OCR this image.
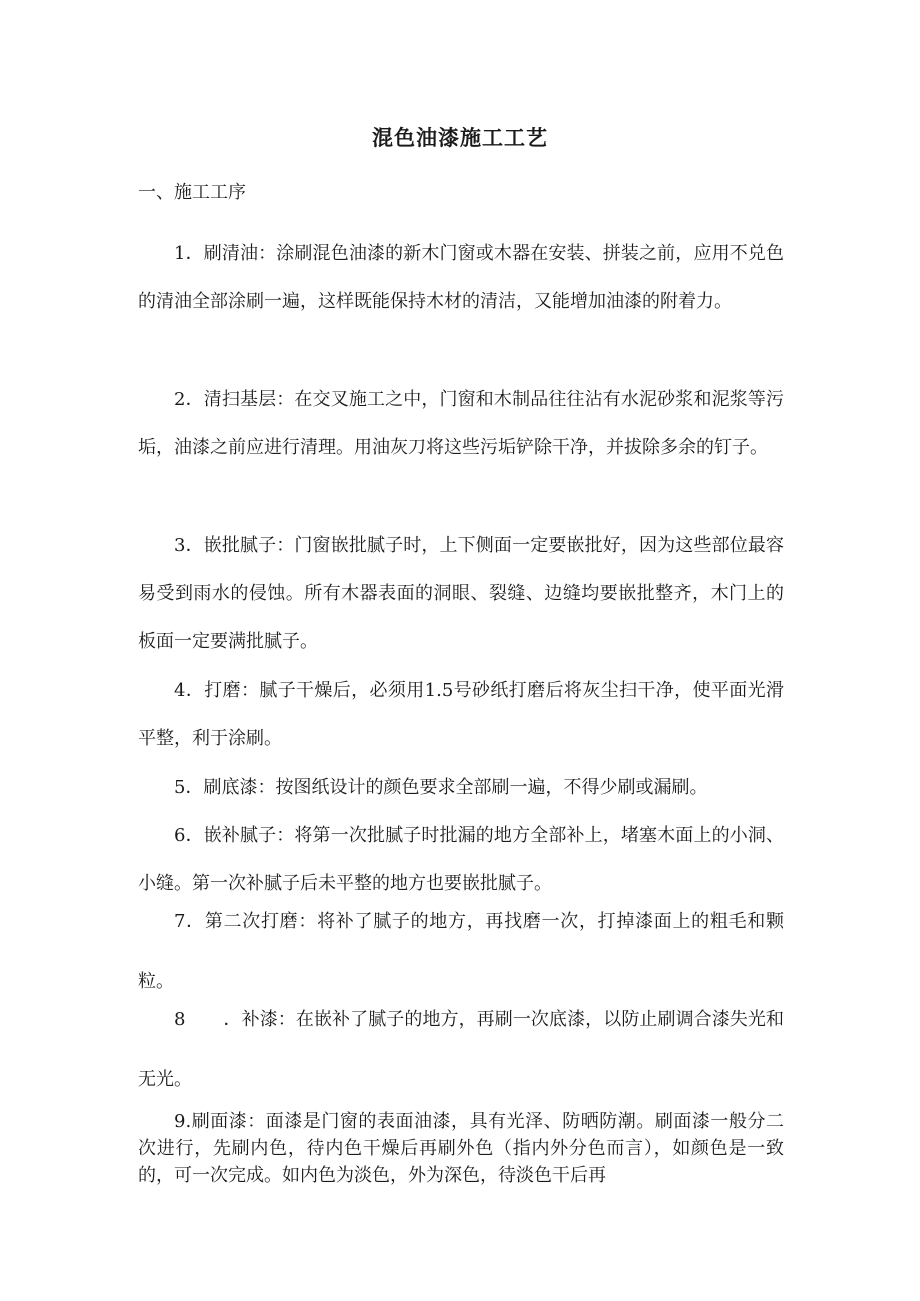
混色油漆施工工艺

一、施工工序

1．刷清油：涂刷混色油漆的新木门窗或木器在安装、拼装之前，应用不兑色的清油全部涂刷一遍，这样既能保持木材的清洁，又能增加油漆的附着力。

2．清扫基层：在交叉施工之中，门窗和木制品往往沾有水泥砂浆和泥浆等污垢，油漆之前应进行清理。用油灰刀将这些污垢铲除干净，并拔除多余的钉子。

3．嵌批腻子：门窗嵌批腻子时，上下侧面一定要嵌批好，因为这些部位最容易受到雨水的侵蚀。所有木器表面的洞眼、裂缝、边缝均要嵌批整齐，木门上的板面一定要满批腻子。

4．打磨：腻子干燥后，必须用1.5号砂纸打磨后将灰尘扫干净，使平面光滑平整，利于涂刷。

5．刷底漆：按图纸设计的颜色要求全部刷一遍，不得少刷或漏刷。

6．嵌补腻子：将第一次批腻子时批漏的地方全部补上，堵塞木面上的小洞、小缝。第一次补腻子后未平整的地方也要嵌批腻子。

7．第二次打磨：将补了腻子的地方，再找磨一次，打掉漆面上的粗毛和颗粒。

8 ．补漆：在嵌补了腻子的地方，再刷一次底漆，以防止刷调合漆失光和无光。

9.刷面漆：面漆是门窗的表面油漆，具有光泽、防晒防潮。刷面漆一般分二次进行，先刷内色，待内色干燥后再刷外色（指内外分色而言），如颜色是一致的，可一次完成。如内色为淡色，外为深色，待淡色干后再
